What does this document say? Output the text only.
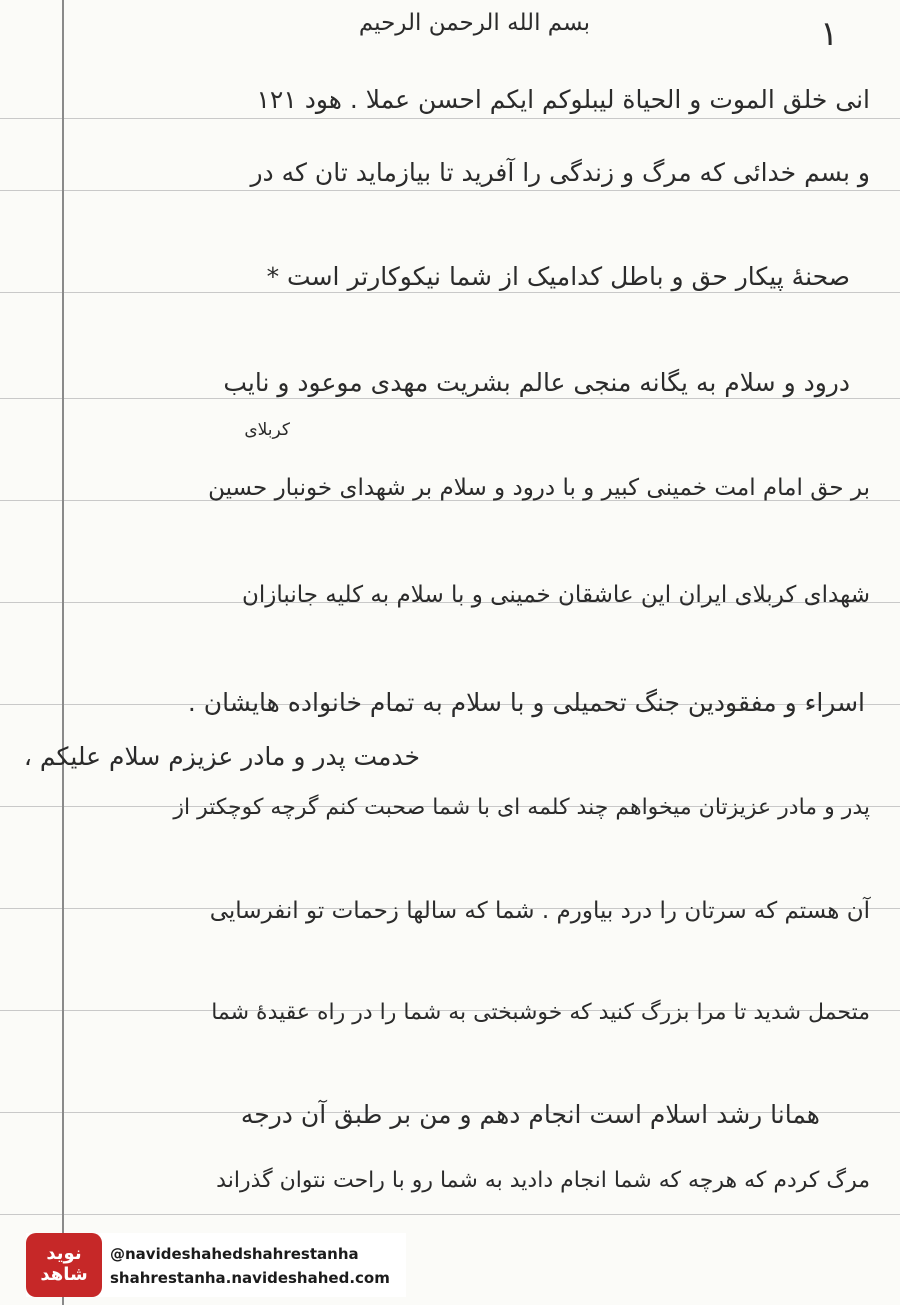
۱
بسم الله الرحمن الرحیم
انی خلق الموت و الحیاة لیبلوکم ایکم احسن عملا . هود ۱۲۱
و بسم خدائی که مرگ و زندگی را آفرید تا بیازماید تان که در
صحنهٔ پیکار حق و باطل کدامیک از شما نیکوکارتر است *
درود و سلام به یگانه منجی عالم بشریت مهدی موعود و نایب
کربلای
بر حق امام امت خمینی کبیر و با درود و سلام بر شهدای خونبار حسین
شهدای کربلای ایران این عاشقان خمینی و با سلام به کلیه جانبازان
اسراء و مفقودین جنگ تحمیلی و با سلام به تمام خانواده هایشان .
خدمت پدر و مادر عزیزم سلام علیکم ،
پدر و مادر عزیزتان میخواهم چند کلمه ای با شما صحبت کنم گرچه کوچکتر از
آن هستم که سرتان را درد بیاورم . شما که سالها زحمات تو انفرسایی
متحمل شدید تا مرا بزرگ کنید که خوشبختی به شما را در راه عقیدهٔ شما
همانا رشد اسلام است انجام دهم و من بر طبق آن درجه
مرگ کردم که هرچه که شما انجام دادید به شما رو با راحت نتوان گذراند
نوید شاهد
@navideshahedshahrestanha
shahrestanha.navideshahed.com
